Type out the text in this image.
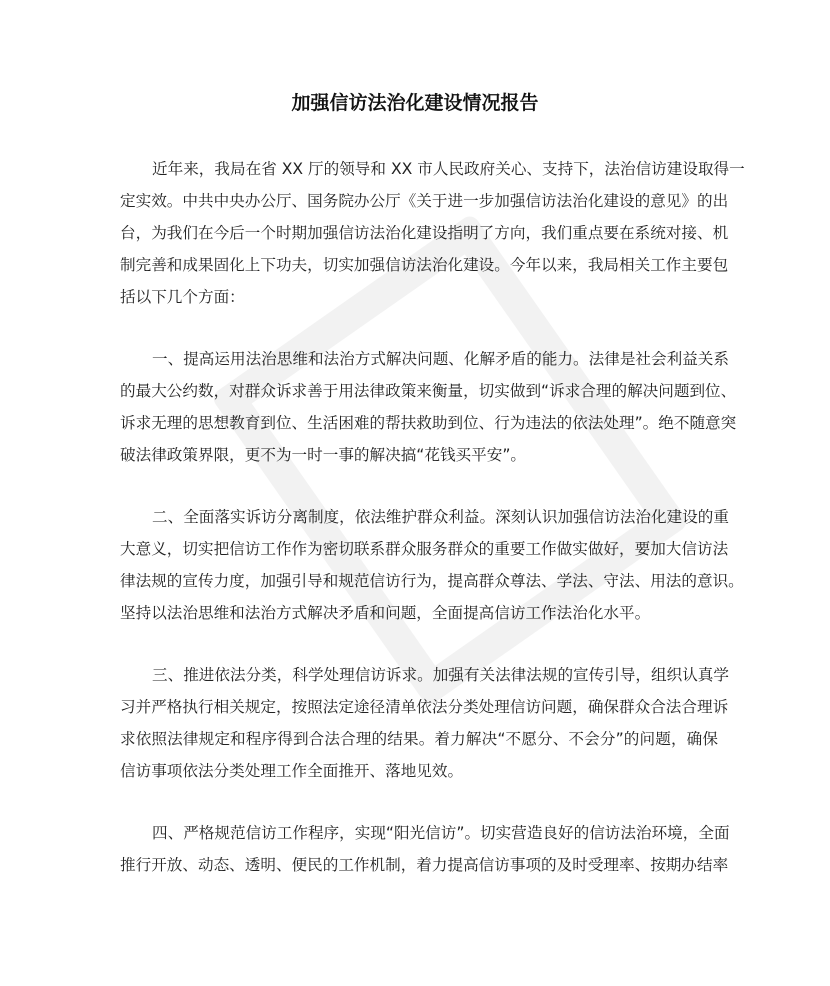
加强信访法治化建设情况报告
近年来，我局在省 XX 厅的领导和 XX 市人民政府关心、支持下，法治信访建设取得一
定实效。中共中央办公厅、国务院办公厅《关于进一步加强信访法治化建设的意见》的出
台，为我们在今后一个时期加强信访法治化建设指明了方向，我们重点要在系统对接、机
制完善和成果固化上下功夫，切实加强信访法治化建设。今年以来，我局相关工作主要包
括以下几个方面：
一、提高运用法治思维和法治方式解决问题、化解矛盾的能力。法律是社会利益关系
的最大公约数，对群众诉求善于用法律政策来衡量，切实做到“诉求合理的解决问题到位、
诉求无理的思想教育到位、生活困难的帮扶救助到位、行为违法的依法处理”。绝不随意突
破法律政策界限，更不为一时一事的解决搞“花钱买平安”。
二、全面落实诉访分离制度，依法维护群众利益。深刻认识加强信访法治化建设的重
大意义，切实把信访工作作为密切联系群众服务群众的重要工作做实做好，要加大信访法
律法规的宣传力度，加强引导和规范信访行为，提高群众尊法、学法、守法、用法的意识。
坚持以法治思维和法治方式解决矛盾和问题，全面提高信访工作法治化水平。
三、推进依法分类，科学处理信访诉求。加强有关法律法规的宣传引导，组织认真学
习并严格执行相关规定，按照法定途径清单依法分类处理信访问题，确保群众合法合理诉
求依照法律规定和程序得到合法合理的结果。着力解决“不愿分、不会分”的问题，确保
信访事项依法分类处理工作全面推开、落地见效。
四、严格规范信访工作程序，实现“阳光信访”。切实营造良好的信访法治环境，全面
推行开放、动态、透明、便民的工作机制，着力提高信访事项的及时受理率、按期办结率
